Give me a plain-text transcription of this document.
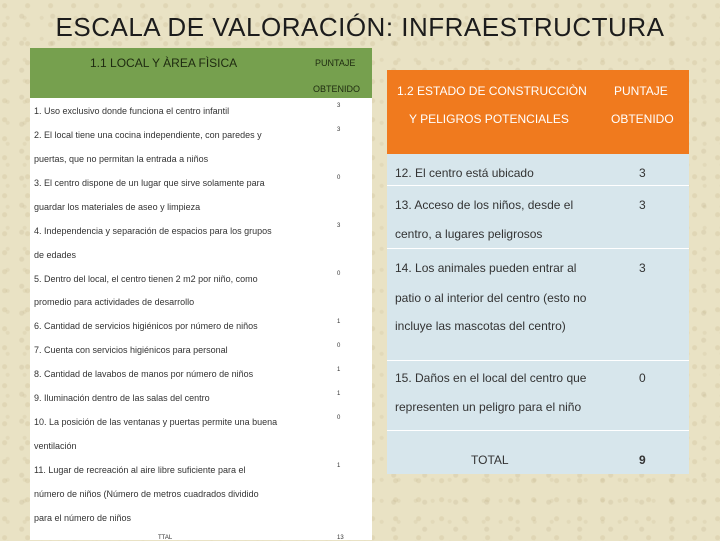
ESCALA DE VALORACIÓN: INFRAESTRUCTURA
1.1 LOCAL Y ÀREA FÌSICA	PUNTAJE
OBTENIDO
1. Uso exclusivo donde funciona el centro infantil
2. El local tiene una cocina independiente, con paredes y
puertas, que no permitan la entrada a niños
3. El centro dispone de un lugar que sirve solamente para
guardar los materiales de aseo y limpieza
4. Independencia y separación de espacios para los grupos
de edades
5. Dentro del local, el centro tienen 2 m2 por niño, como
promedio para actividades de desarrollo
6. Cantidad de servicios higiénicos por número de niños
7. Cuenta con servicios higiénicos para personal
8. Cantidad de lavabos de manos por número de niños
9. Iluminación dentro de las salas del centro
10. La posición de las ventanas y puertas permite una buena
ventilación
11. Lugar de recreación al aire libre suficiente para el
número de niños (Número de metros cuadrados dividido
para el número de niños
TTAL
3
3
0
3
0
1
0
1
1
0
1
13
1.2 ESTADO DE CONSTRUCCIÒN
Y PELIGROS POTENCIALES
PUNTAJE
OBTENIDO
12. El centro está ubicado
13. Acceso de los niños, desde el
centro, a lugares peligrosos
14. Los animales pueden entrar al
patio o al interior del centro (esto no
incluye las mascotas del centro)
15. Daños en el local del centro que
representen un peligro para el niño
3
3
3
0
TOTAL	9
